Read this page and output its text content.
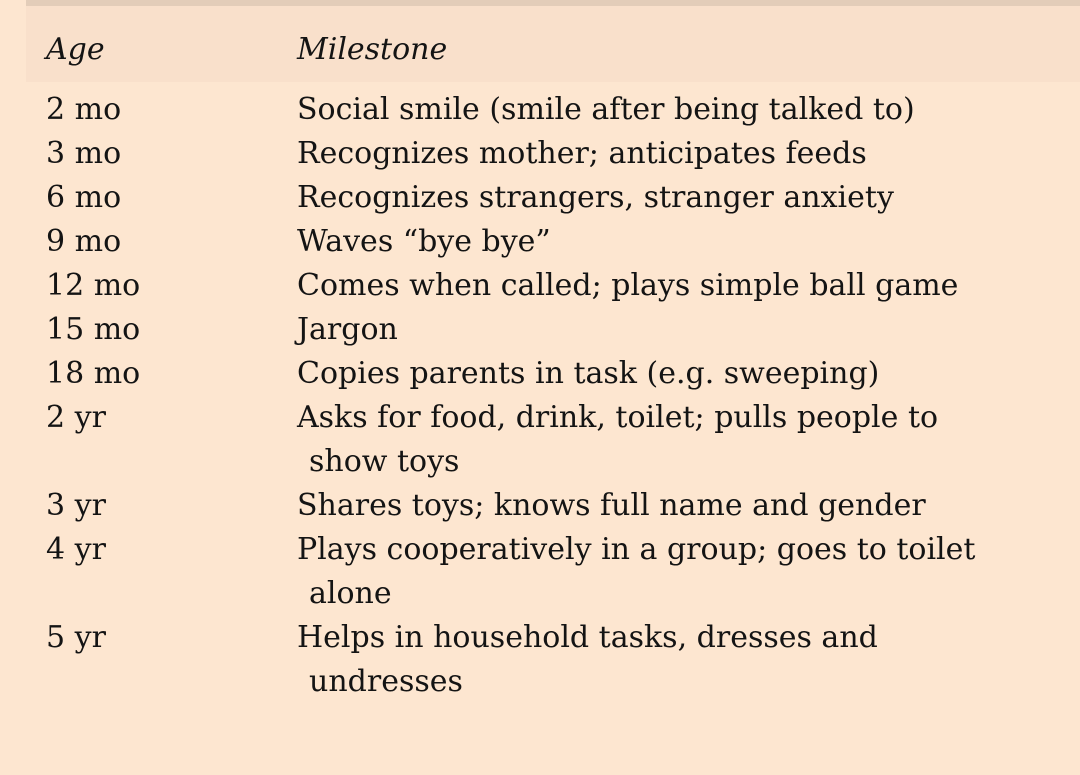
Age	Milestone
2 mo	Social smile (smile after being talked to)
3 mo	Recognizes mother; anticipates feeds
6 mo	Recognizes strangers, stranger anxiety
9 mo	Waves “bye bye”
12 mo	Comes when called; plays simple ball game
15 mo	Jargon
18 mo	Copies parents in task (e.g. sweeping)
2 yr	Asks for food, drink, toilet; pulls people to
show toys
3 yr	Shares toys; knows full name and gender
4 yr	Plays cooperatively in a group; goes to toilet
alone
5 yr	Helps in household tasks, dresses and
undresses
